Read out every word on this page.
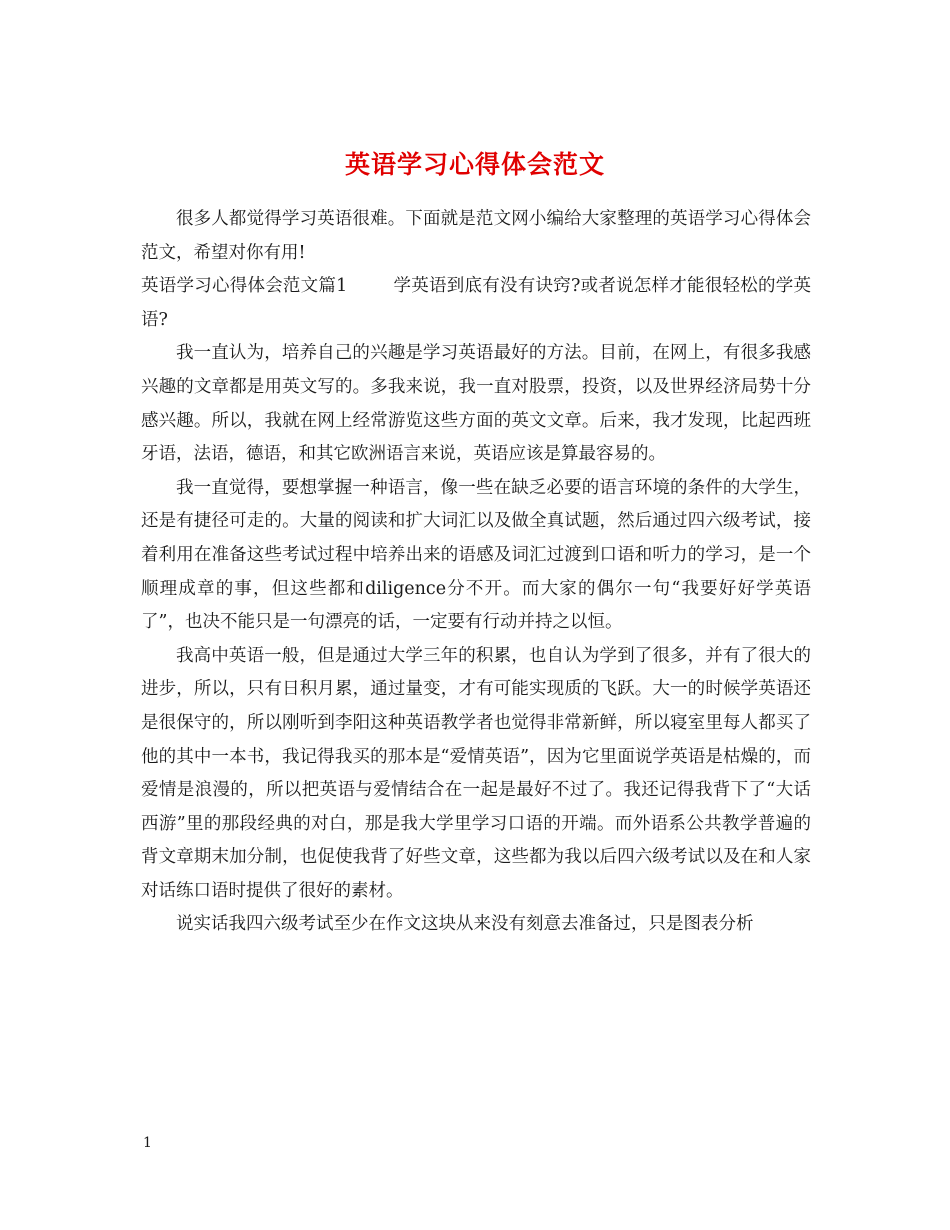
英语学习心得体会范文

很多人都觉得学习英语很难。下面就是范文网小编给大家整理的英语学习心得体会范文，希望对你有用!

英语学习心得体会范文篇1	学英语到底有没有诀窍?或者说怎样才能很轻松的学英语?

我一直认为，培养自己的兴趣是学习英语最好的方法。目前，在网上，有很多我感兴趣的文章都是用英文写的。多我来说，我一直对股票，投资，以及世界经济局势十分感兴趣。所以，我就在网上经常游览这些方面的英文文章。后来，我才发现，比起西班牙语，法语，德语，和其它欧洲语言来说，英语应该是算最容易的。

我一直觉得，要想掌握一种语言，像一些在缺乏必要的语言环境的条件的大学生，还是有捷径可走的。大量的阅读和扩大词汇以及做全真试题，然后通过四六级考试，接着利用在准备这些考试过程中培养出来的语感及词汇过渡到口语和听力的学习，是一个顺理成章的事，但这些都和diligence分不开。而大家的偶尔一句“我要好好学英语了”，也决不能只是一句漂亮的话，一定要有行动并持之以恒。

我高中英语一般，但是通过大学三年的积累，也自认为学到了很多，并有了很大的进步，所以，只有日积月累，通过量变，才有可能实现质的飞跃。大一的时候学英语还是很保守的，所以刚听到李阳这种英语教学者也觉得非常新鲜，所以寝室里每人都买了他的其中一本书，我记得我买的那本是“爱情英语”，因为它里面说学英语是枯燥的，而爱情是浪漫的，所以把英语与爱情结合在一起是最好不过了。我还记得我背下了“大话西游”里的那段经典的对白，那是我大学里学习口语的开端。而外语系公共教学普遍的背文章期末加分制，也促使我背了好些文章，这些都为我以后四六级考试以及在和人家对话练口语时提供了很好的素材。

说实话我四六级考试至少在作文这块从来没有刻意去准备过，只是图表分析

1
